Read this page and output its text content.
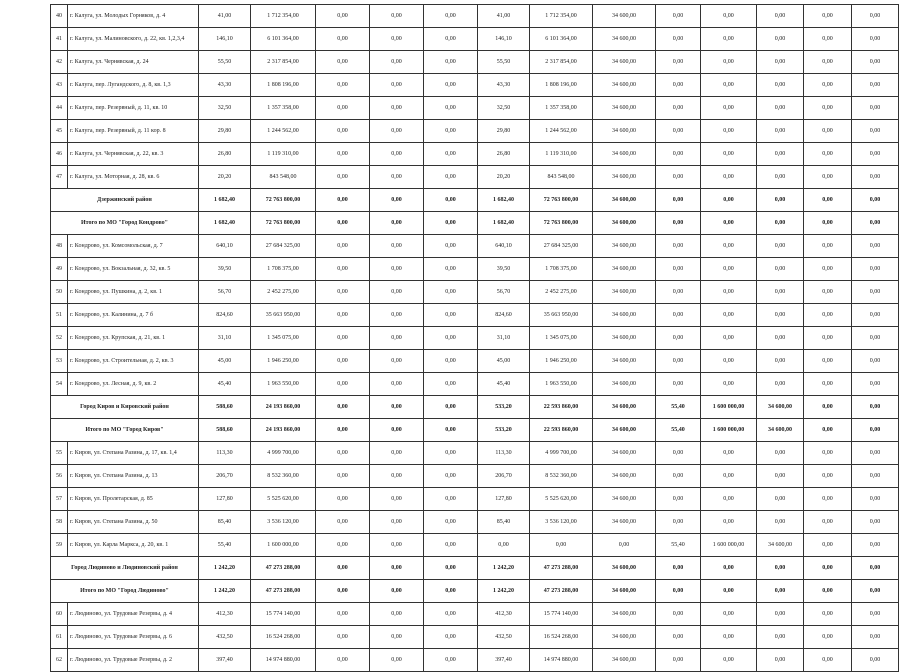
40	г. Калуга, ул. Молодых Горняков, д. 4	41,00	1 712 354,00	0,00	0,00	0,00	41,00	1 712 354,00	34 600,00	0,00	0,00	0,00	0,00	0,00
41	г. Калуга, ул. Малиновского, д. 22, кв. 1,2,3,4	146,10	6 101 364,00	0,00	0,00	0,00	146,10	6 101 364,00	34 600,00	0,00	0,00	0,00	0,00	0,00
42	г. Калуга, ул. Чернявская, д. 24	55,50	2 317 854,00	0,00	0,00	0,00	55,50	2 317 854,00	34 600,00	0,00	0,00	0,00	0,00	0,00
43	г. Калуга, пер. Лугандского, д. 8, кв. 1,3	43,30	1 808 196,00	0,00	0,00	0,00	43,30	1 808 196,00	34 600,00	0,00	0,00	0,00	0,00	0,00
44	г. Калуга, пер. Резервный, д. 11, кв. 10	32,50	1 357 358,00	0,00	0,00	0,00	32,50	1 357 358,00	34 600,00	0,00	0,00	0,00	0,00	0,00
45	г. Калуга, пер. Резервный, д. 11 кор. 8	29,80	1 244 562,00	0,00	0,00	0,00	29,80	1 244 562,00	34 600,00	0,00	0,00	0,00	0,00	0,00
46	г. Калуга, ул. Чернявская, д. 22, кв. 3	26,80	1 119 310,00	0,00	0,00	0,00	26,80	1 119 310,00	34 600,00	0,00	0,00	0,00	0,00	0,00
47	г. Калуга, ул. Моторная, д. 28, кв. 6	20,20	843 548,00	0,00	0,00	0,00	20,20	843 548,00	34 600,00	0,00	0,00	0,00	0,00	0,00
Дзержинский район		1 682,40	72 763 800,00	0,00	0,00	0,00	1 682,40	72 763 800,00	34 600,00	0,00	0,00	0,00	0,00	0,00
Итого по МО "Город Кондрово"		1 682,40	72 763 800,00	0,00	0,00	0,00	1 682,40	72 763 800,00	34 600,00	0,00	0,00	0,00	0,00	0,00
48	г. Кондрово, ул. Комсомольская, д. 7	640,10	27 684 325,00	0,00	0,00	0,00	640,10	27 684 325,00	34 600,00	0,00	0,00	0,00	0,00	0,00
49	г. Кондрово, ул. Вокзальная, д. 32, кв. 5	39,50	1 708 375,00	0,00	0,00	0,00	39,50	1 708 375,00	34 600,00	0,00	0,00	0,00	0,00	0,00
50	г. Кондрово, ул. Пушкина, д. 2, кв. 1	56,70	2 452 275,00	0,00	0,00	0,00	56,70	2 452 275,00	34 600,00	0,00	0,00	0,00	0,00	0,00
51	г. Кондрово, ул. Калинина, д. 7 б	824,60	35 663 950,00	0,00	0,00	0,00	824,60	35 663 950,00	34 600,00	0,00	0,00	0,00	0,00	0,00
52	г. Кондрово, ул. Крупская, д. 21, кв. 1	31,10	1 345 075,00	0,00	0,00	0,00	31,10	1 345 075,00	34 600,00	0,00	0,00	0,00	0,00	0,00
53	г. Кондрово, ул. Строительная, д. 2, кв. 3	45,00	1 946 250,00	0,00	0,00	0,00	45,00	1 946 250,00	34 600,00	0,00	0,00	0,00	0,00	0,00
54	г. Кондрово, ул. Лесная, д. 9, кв. 2	45,40	1 963 550,00	0,00	0,00	0,00	45,40	1 963 550,00	34 600,00	0,00	0,00	0,00	0,00	0,00
Город Киров и Кировский район		588,60	24 193 860,00	0,00	0,00	0,00	533,20	22 593 860,00	34 600,00	55,40	1 600 000,00	34 600,00	0,00	0,00
Итого по МО "Город Киров"		588,60	24 193 860,00	0,00	0,00	0,00	533,20	22 593 860,00	34 600,00	55,40	1 600 000,00	34 600,00	0,00	0,00
55	г. Киров, ул. Степана Разина, д. 17, кв. 1,4	113,30	4 999 700,00	0,00	0,00	0,00	113,30	4 999 700,00	34 600,00	0,00	0,00	0,00	0,00	0,00
56	г. Киров, ул. Степана Разина, д. 13	206,70	8 532 360,00	0,00	0,00	0,00	206,70	8 532 360,00	34 600,00	0,00	0,00	0,00	0,00	0,00
57	г. Киров, ул. Пролетарская, д. 85	127,80	5 525 620,00	0,00	0,00	0,00	127,80	5 525 620,00	34 600,00	0,00	0,00	0,00	0,00	0,00
58	г. Киров, ул. Степана Разина, д. 50	85,40	3 536 120,00	0,00	0,00	0,00	85,40	3 536 120,00	34 600,00	0,00	0,00	0,00	0,00	0,00
59	г. Киров, ул. Карла Маркса, д. 20, кв. 1	55,40	1 600 000,00	0,00	0,00	0,00	0,00	0,00	0,00	55,40	1 600 000,00	34 600,00	0,00	0,00
Город Людиново и Людиновский район		1 242,20	47 273 288,00	0,00	0,00	0,00	1 242,20	47 273 288,00	34 600,00	0,00	0,00	0,00	0,00	0,00
Итого по МО "Город Людиново"		1 242,20	47 273 288,00	0,00	0,00	0,00	1 242,20	47 273 288,00	34 600,00	0,00	0,00	0,00	0,00	0,00
60	г. Людиново, ул. Трудовые Резервы, д. 4	412,30	15 774 140,00	0,00	0,00	0,00	412,30	15 774 140,00	34 600,00	0,00	0,00	0,00	0,00	0,00
61	г. Людиново, ул. Трудовые Резервы, д. 6	432,50	16 524 268,00	0,00	0,00	0,00	432,50	16 524 268,00	34 600,00	0,00	0,00	0,00	0,00	0,00
62	г. Людиново, ул. Трудовые Резервы, д. 2	397,40	14 974 880,00	0,00	0,00	0,00	397,40	14 974 880,00	34 600,00	0,00	0,00	0,00	0,00	0,00
